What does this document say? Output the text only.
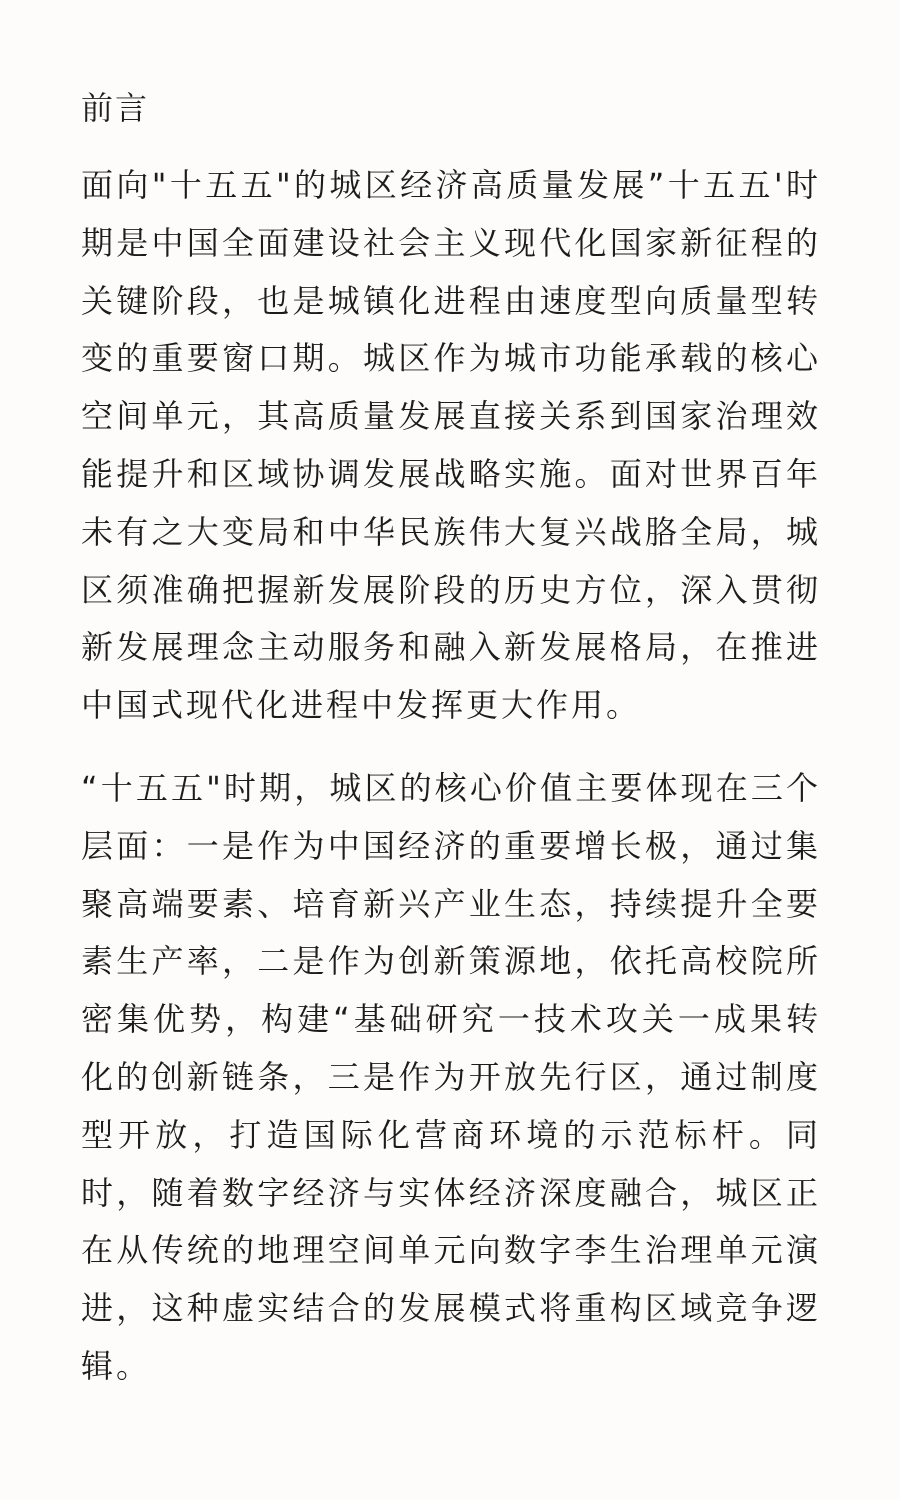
前言

面向"十五五"的城区经济高质量发展”十五五'时期是中国全面建设社会主义现代化国家新征程的关键阶段，也是城镇化进程由速度型向质量型转变的重要窗口期。城区作为城市功能承载的核心空间单元，其高质量发展直接关系到国家治理效能提升和区域协调发展战略实施。面对世界百年未有之大变局和中华民族伟大复兴战胳全局，城区须准确把握新发展阶段的历史方位，深入贯彻新发展理念主动服务和融入新发展格局，在推进中国式现代化进程中发挥更大作用。

“十五五"时期，城区的核心价值主要体现在三个层面：一是作为中国经济的重要增长极，通过集聚高端要素、培育新兴产业生态，持续提升全要素生产率，二是作为创新策源地，依托高校院所密集优势，构建“基础研究一技术攻关一成果转化的创新链条，三是作为开放先行区，通过制度型开放，打造国际化营商环境的示范标杆。同时，随着数字经济与实体经济深度融合，城区正在从传统的地理空间单元向数字李生治理单元演进，这种虚实结合的发展模式将重构区域竞争逻辑。
